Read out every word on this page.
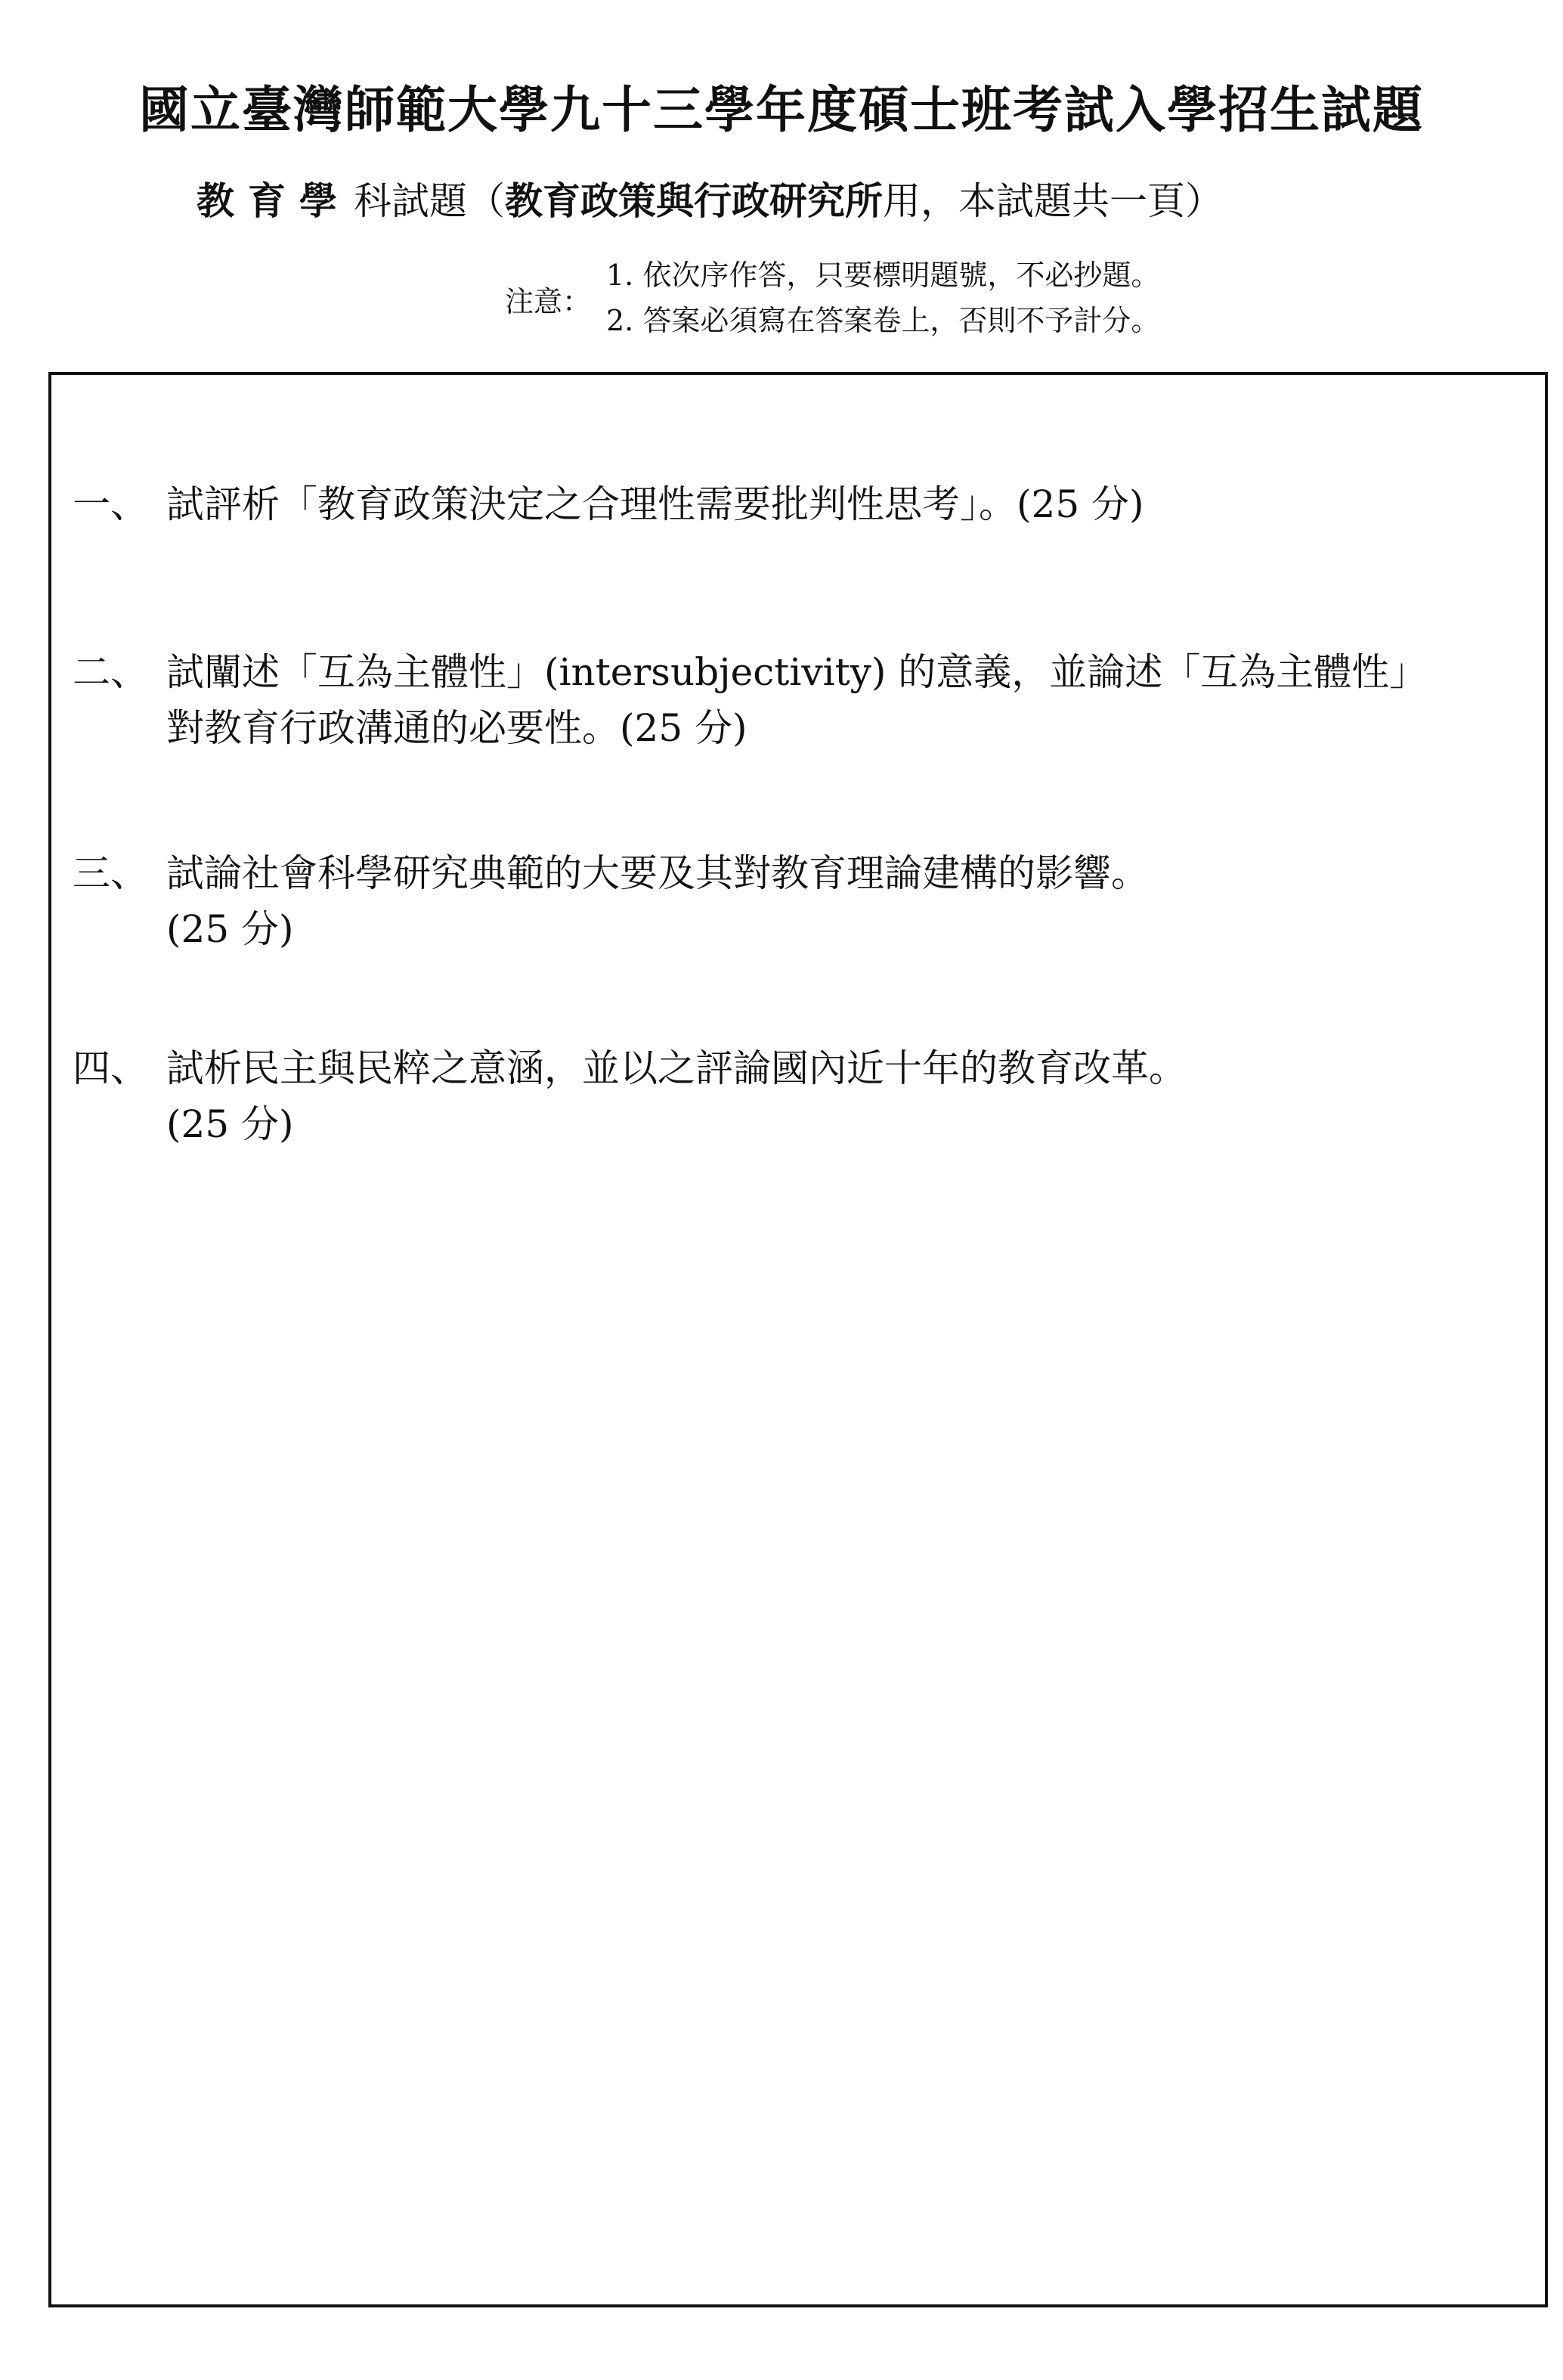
國立臺灣師範大學九十三學年度碩士班考試入學招生試題
教育學科試題（教育政策與行政研究所用，本試題共一頁）
注意：
1. 依次序作答，只要標明題號，不必抄題。
2. 答案必須寫在答案卷上，否則不予計分。
一、 試評析「教育政策決定之合理性需要批判性思考」。(25 分)
二、 試闡述「互為主體性」(intersubjectivity) 的意義，並論述「互為主體性」
對教育行政溝通的必要性。(25 分)
三、 試論社會科學研究典範的大要及其對教育理論建構的影響。
(25 分)
四、 試析民主與民粹之意涵，並以之評論國內近十年的教育改革。
(25 分)
